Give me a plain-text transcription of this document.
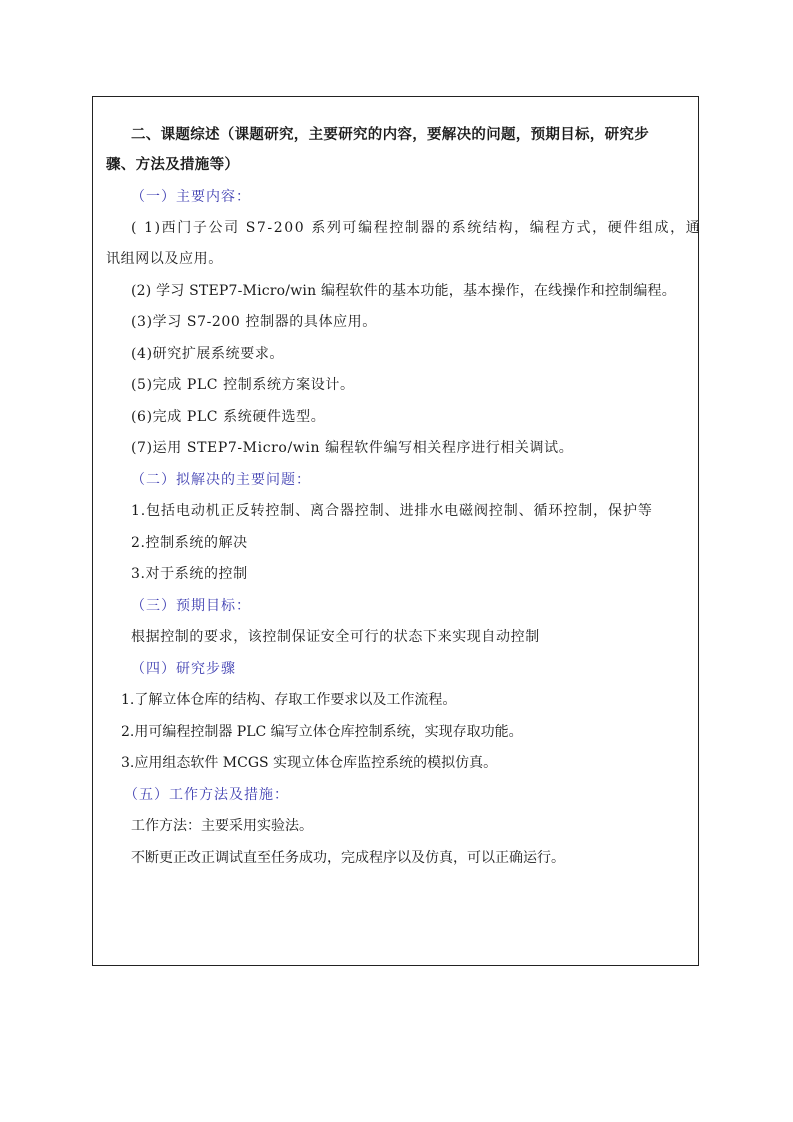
二、课题综述（课题研究，主要研究的内容，要解决的问题，预期目标，研究步
骤、方法及措施等）
（一）主要内容：
( 1)西门子公司 S7-200 系列可编程控制器的系统结构，编程方式，硬件组成，通
讯组网以及应用。
(2) 学习 STEP7-Micro/win 编程软件的基本功能，基本操作，在线操作和控制编程。
(3)学习 S7-200 控制器的具体应用。
(4)研究扩展系统要求。
(5)完成 PLC 控制系统方案设计。
(6)完成 PLC 系统硬件选型。
(7)运用 STEP7-Micro/win 编程软件编写相关程序进行相关调试。
（二）拟解决的主要问题：
1.包括电动机正反转控制、离合器控制、进排水电磁阀控制、循环控制，保护等
2.控制系统的解决
3.对于系统的控制
（三）预期目标：
根据控制的要求，该控制保证安全可行的状态下来实现自动控制
（四）研究步骤
1.了解立体仓库的结构、存取工作要求以及工作流程。
2.用可编程控制器 PLC 编写立体仓库控制系统，实现存取功能。
3.应用组态软件 MCGS 实现立体仓库监控系统的模拟仿真。
（五）工作方法及措施：
工作方法：主要采用实验法。
不断更正改正调试直至任务成功，完成程序以及仿真，可以正确运行。
